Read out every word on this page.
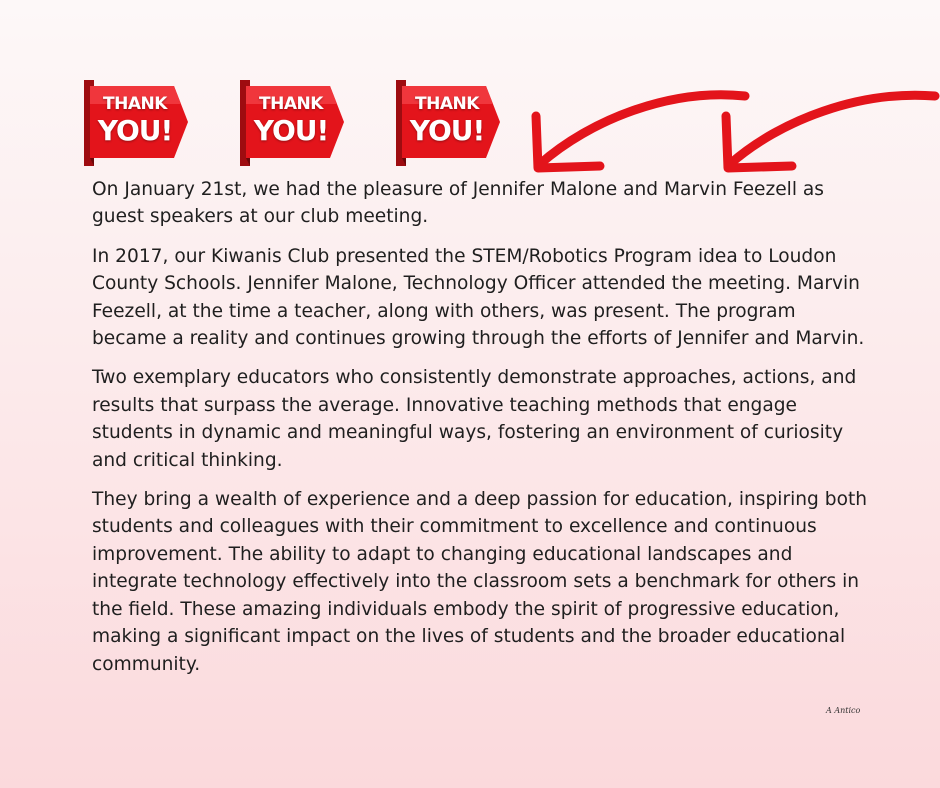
THANK
YOU!
THANK
YOU!
THANK
YOU!

On January 21st, we had the pleasure of Jennifer Malone and Marvin Feezell as guest speakers at our club meeting.

In 2017, our Kiwanis Club presented the STEM/Robotics Program idea to Loudon County Schools. Jennifer Malone, Technology Officer attended the meeting. Marvin Feezell, at the time a teacher, along with others, was present. The program became a reality and continues growing through the efforts of Jennifer and Marvin.

Two exemplary educators who consistently demonstrate approaches, actions, and results that surpass the average. Innovative teaching methods that engage students in dynamic and meaningful ways, fostering an environment of curiosity and critical thinking.

They bring a wealth of experience and a deep passion for education, inspiring both students and colleagues with their commitment to excellence and continuous improvement. The ability to adapt to changing educational landscapes and integrate technology effectively into the classroom sets a benchmark for others in the field. These amazing individuals embody the spirit of progressive education, making a significant impact on the lives of students and the broader educational community.

A Antico
